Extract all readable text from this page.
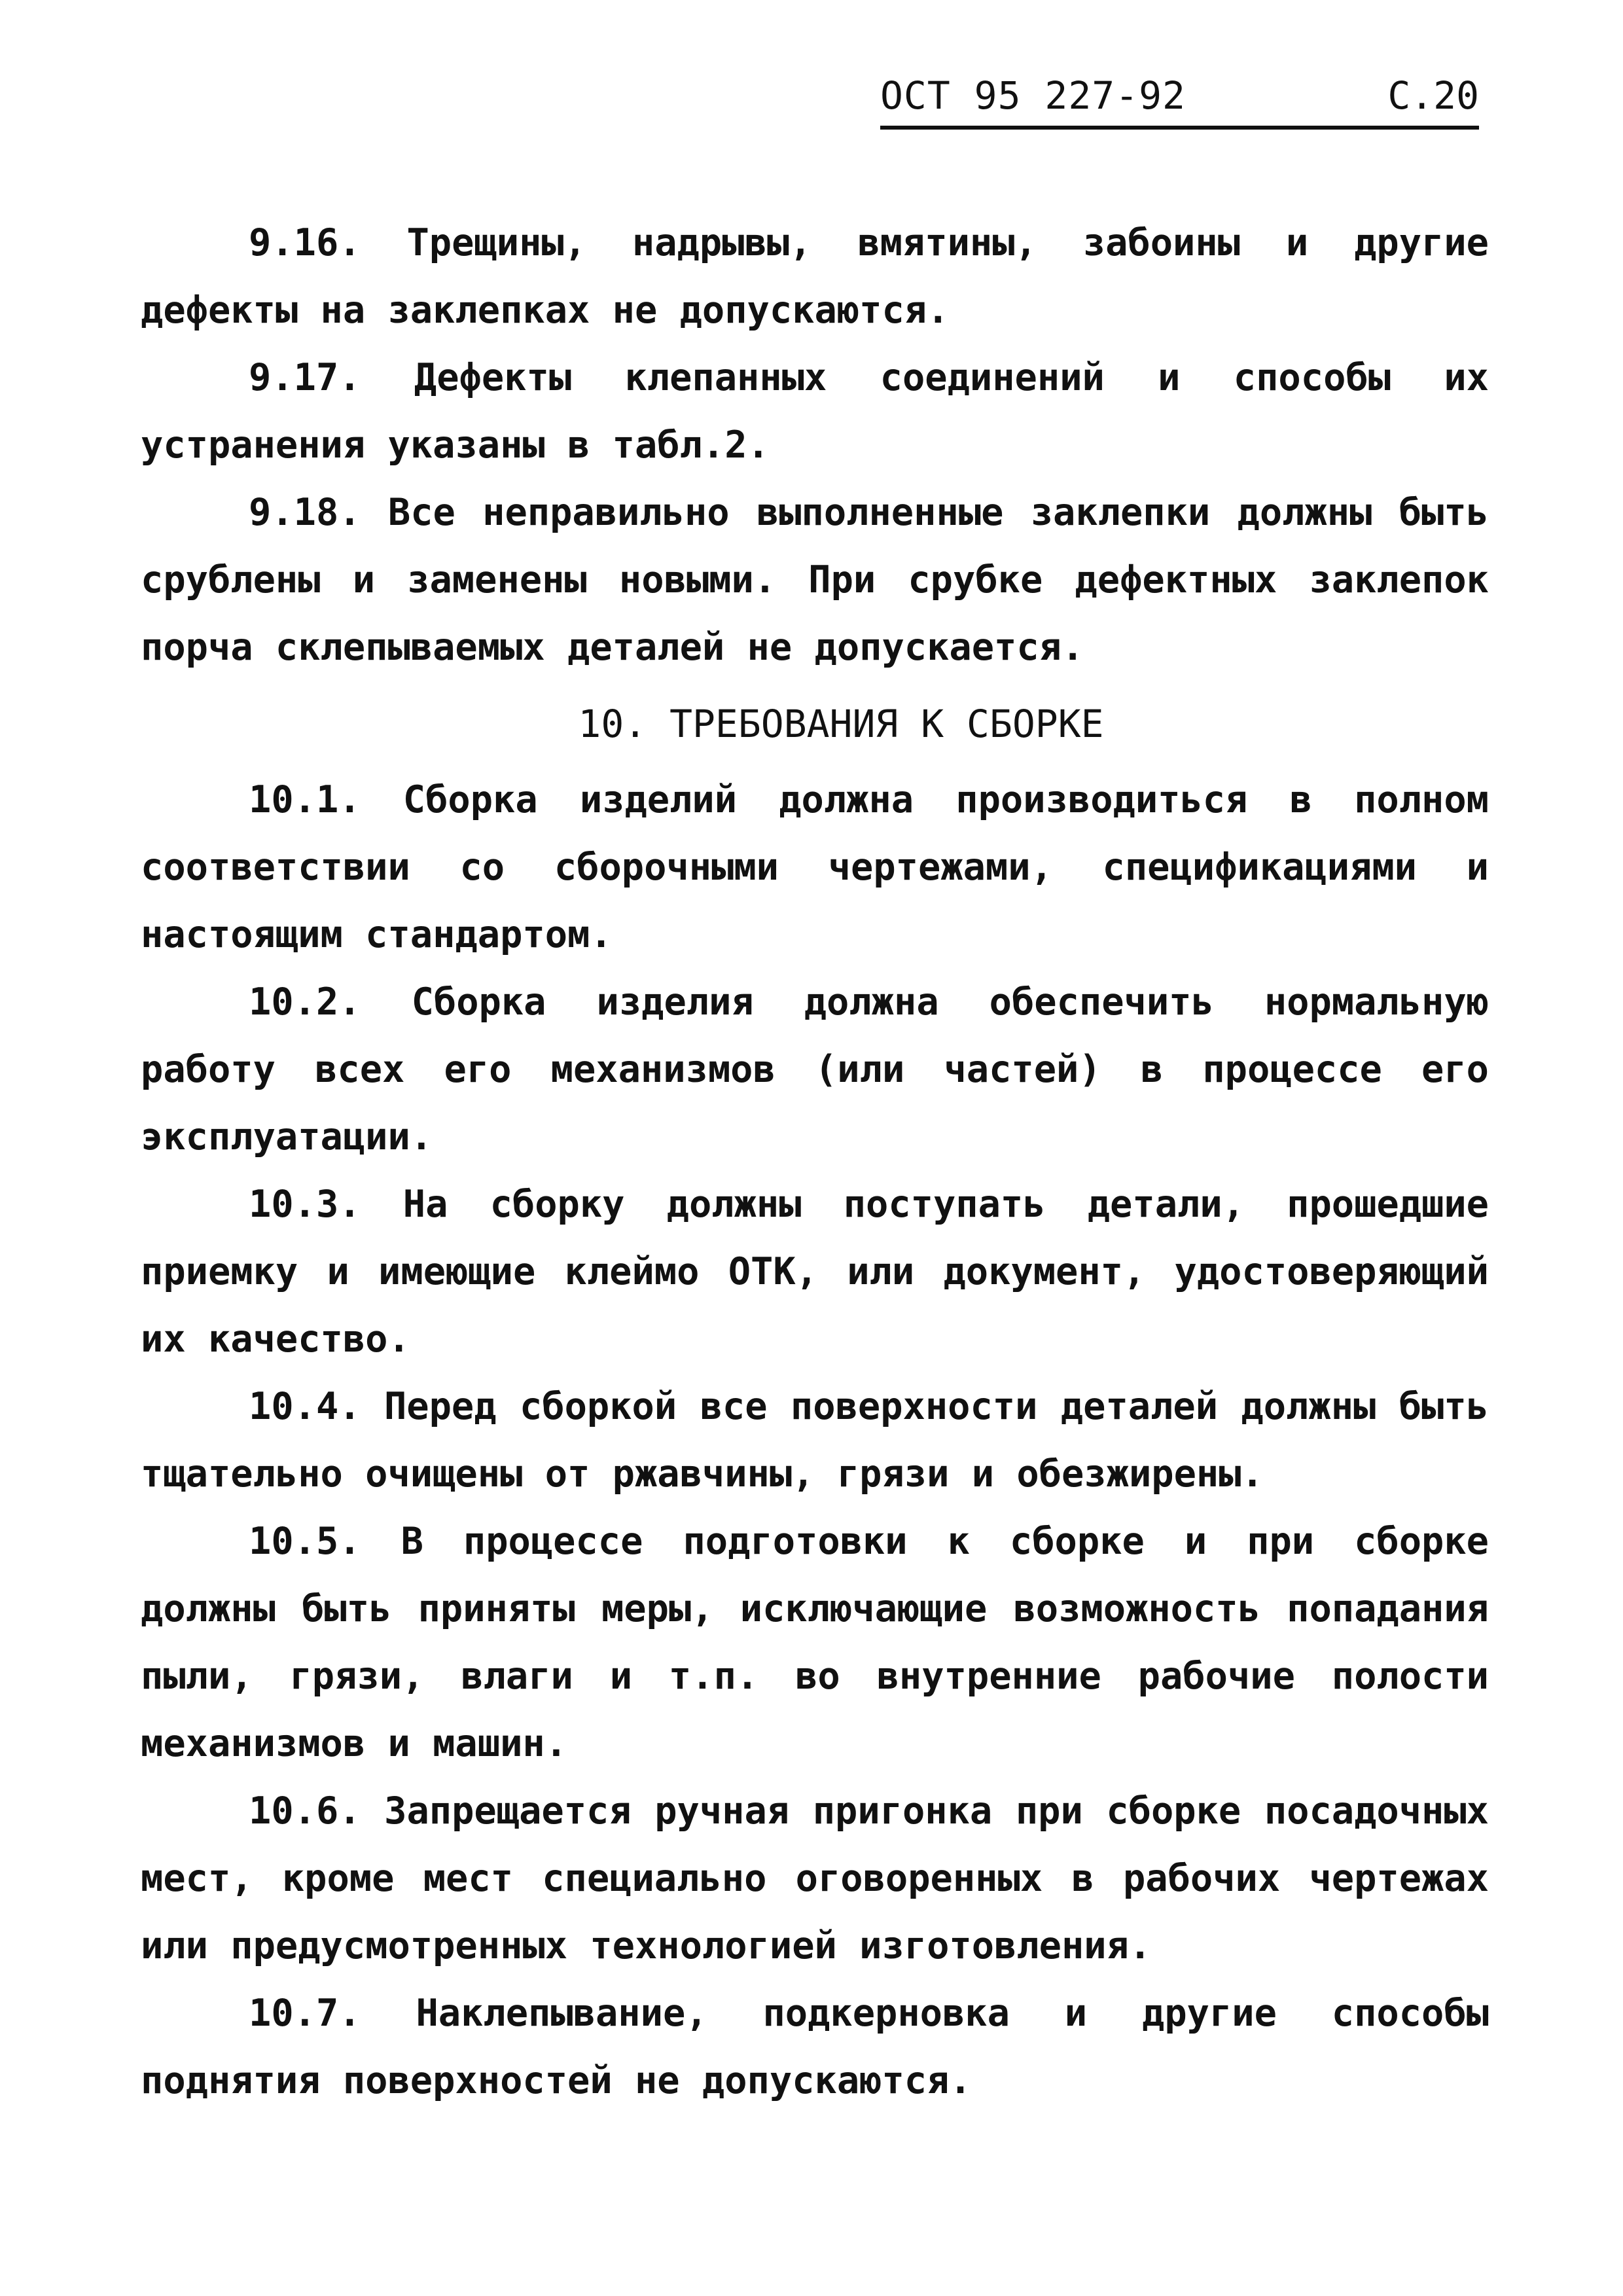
ОСТ 95 227-92	С.20

9.16. Трещины, надрывы, вмятины, забоины и другие дефекты на заклепках не допускаются.

9.17. Дефекты клепанных соединений и способы их устранения указаны в табл.2.

9.18. Все неправильно выполненные заклепки должны быть срублены и заменены новыми. При срубке дефектных заклепок порча склепываемых деталей не допускается.

10. ТРЕБОВАНИЯ К СБОРКЕ

10.1. Сборка изделий должна производиться в полном соответствии со сборочными чертежами, спецификациями и настоящим стандартом.

10.2. Сборка изделия должна обеспечить нормальную работу всех его механизмов (или частей) в процессе его эксплуатации.

10.3. На сборку должны поступать детали, прошедшие приемку и имеющие клеймо ОТК, или документ, удостоверяющий их качество.

10.4. Перед сборкой все поверхности деталей должны быть тщательно очищены от ржавчины, грязи и обезжирены.

10.5. В процессе подготовки к сборке и при сборке должны быть приняты меры, исключающие возможность попадания пыли, грязи, влаги и т.п. во внутренние рабочие полости механизмов и машин.

10.6. Запрещается ручная пригонка при сборке посадочных мест, кроме мест специально оговоренных в рабочих чертежах или предусмотренных технологией изготовления.

10.7. Наклепывание, подкерновка и другие способы поднятия поверхностей не допускаются.
